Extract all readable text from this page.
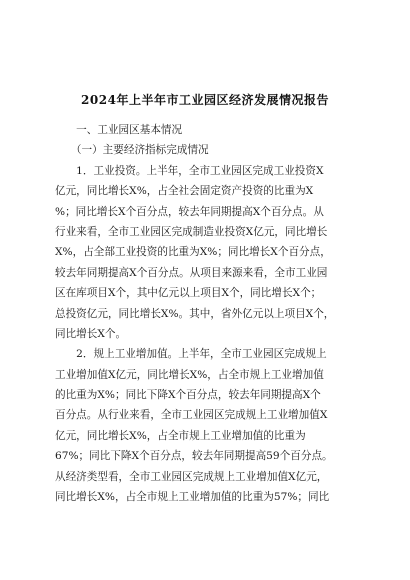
2024年上半年市工业园区经济发展情况报告
　　一、工业园区基本情况
　　（一）主要经济指标完成情况
　　1．工业投资。上半年，全市工业园区完成工业投资X
亿元，同比增长X%，占全社会固定资产投资的比重为X
%；同比增长X个百分点，较去年同期提高X个百分点。从
行业来看，全市工业园区完成制造业投资X亿元，同比增长
X%，占全部工业投资的比重为X%；同比增长X个百分点，
较去年同期提高X个百分点。从项目来源来看，全市工业园
区在库项目X个，其中亿元以上项目X个，同比增长X个；
总投资亿元，同比增长X%。其中，省外亿元以上项目X个，
同比增长X个。
　　2．规上工业增加值。上半年，全市工业园区完成规上
工业增加值X亿元，同比增长X%，占全市规上工业增加值
的比重为X%；同比下降X个百分点，较去年同期提高X个
百分点。从行业来看，全市工业园区完成规上工业增加值X
亿元，同比增长X%，占全市规上工业增加值的比重为
67%；同比下降X个百分点，较去年同期提高59个百分点。
从经济类型看，全市工业园区完成规上工业增加值X亿元，
同比增长X%，占全市规上工业增加值的比重为57%；同比
